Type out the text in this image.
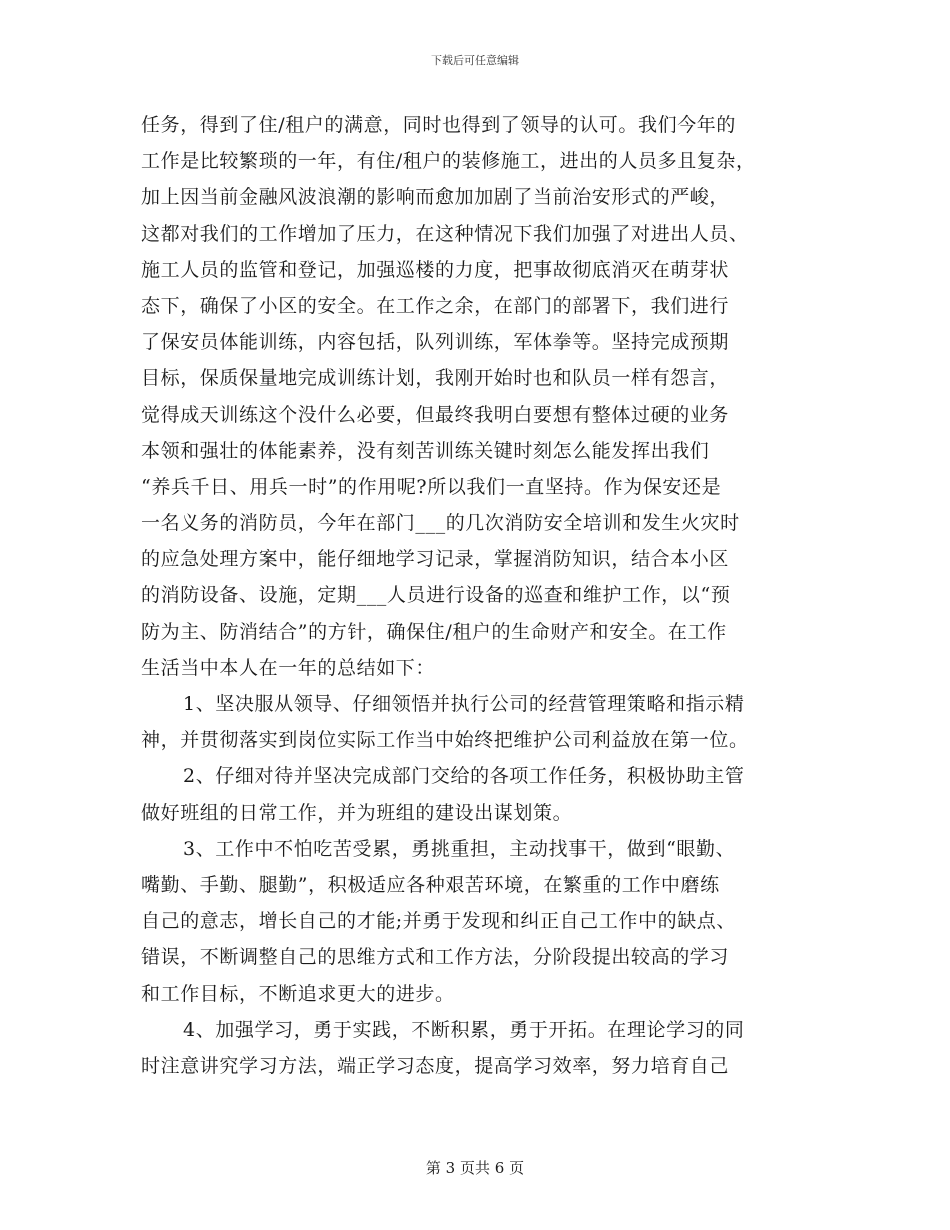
下载后可任意编辑
任务，得到了住/租户的满意，同时也得到了领导的认可。我们今年的
工作是比较繁琐的一年，有住/租户的装修施工，进出的人员多且复杂，
加上因当前金融风波浪潮的影响而愈加加剧了当前治安形式的严峻，
这都对我们的工作增加了压力，在这种情况下我们加强了对进出人员、
施工人员的监管和登记，加强巡楼的力度，把事故彻底消灭在萌芽状
态下，确保了小区的安全。在工作之余，在部门的部署下，我们进行
了保安员体能训练，内容包括，队列训练，军体拳等。坚持完成预期
目标，保质保量地完成训练计划，我刚开始时也和队员一样有怨言，
觉得成天训练这个没什么必要，但最终我明白要想有整体过硬的业务
本领和强壮的体能素养，没有刻苦训练关键时刻怎么能发挥出我们
“养兵千日、用兵一时”的作用呢?所以我们一直坚持。作为保安还是
一名义务的消防员，今年在部门___的几次消防安全培训和发生火灾时
的应急处理方案中，能仔细地学习记录，掌握消防知识，结合本小区
的消防设备、设施，定期___人员进行设备的巡查和维护工作，以“预
防为主、防消结合”的方针，确保住/租户的生命财产和安全。在工作
生活当中本人在一年的总结如下：
1、坚决服从领导、仔细领悟并执行公司的经营管理策略和指示精
神，并贯彻落实到岗位实际工作当中始终把维护公司利益放在第一位。
2、仔细对待并坚决完成部门交给的各项工作任务，积极协助主管
做好班组的日常工作，并为班组的建设出谋划策。
3、工作中不怕吃苦受累，勇挑重担，主动找事干，做到“眼勤、
嘴勤、手勤、腿勤”，积极适应各种艰苦环境，在繁重的工作中磨练
自己的意志，增长自己的才能;并勇于发现和纠正自己工作中的缺点、
错误，不断调整自己的思维方式和工作方法，分阶段提出较高的学习
和工作目标，不断追求更大的进步。
4、加强学习，勇于实践，不断积累，勇于开拓。在理论学习的同
时注意讲究学习方法，端正学习态度，提高学习效率，努力培育自己
第 3 页共 6 页
